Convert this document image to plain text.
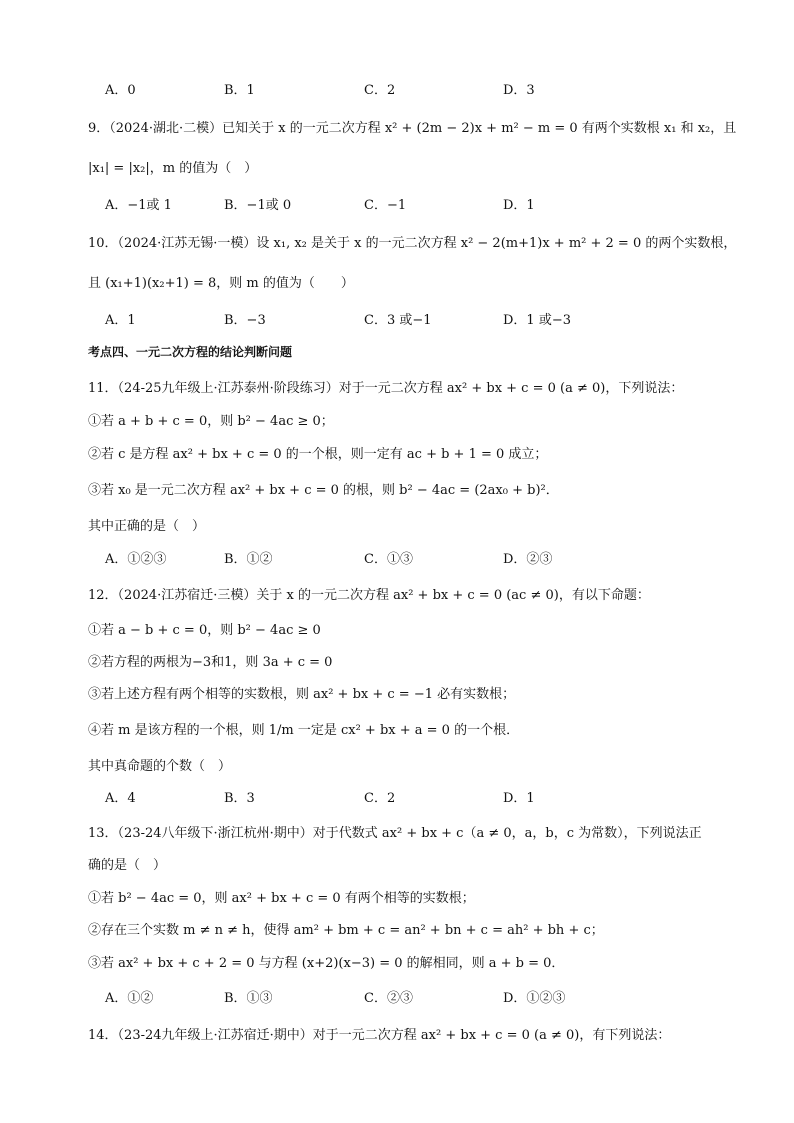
A．0	B．1	C．2	D．3
9．（2024·湖北·二模）已知关于 x 的一元二次方程 x² + (2m − 2)x + m² − m = 0 有两个实数根 x₁ 和 x₂，且
|x₁| = |x₂|，m 的值为（　）
A．−1或 1	B．−1或 0	C．−1	D．1
10．（2024·江苏无锡·一模）设 x₁, x₂ 是关于 x 的一元二次方程 x² − 2(m+1)x + m² + 2 = 0 的两个实数根，
且 (x₁+1)(x₂+1) = 8，则 m 的值为（　　）
A．1	B．−3	C．3 或−1	D．1 或−3
考点四、一元二次方程的结论判断问题
11．（24-25九年级上·江苏泰州·阶段练习）对于一元二次方程 ax² + bx + c = 0 (a ≠ 0)，下列说法：
①若 a + b + c = 0，则 b² − 4ac ≥ 0；
②若 c 是方程 ax² + bx + c = 0 的一个根，则一定有 ac + b + 1 = 0 成立；
③若 x₀ 是一元二次方程 ax² + bx + c = 0 的根，则 b² − 4ac = (2ax₀ + b)²．
其中正确的是（　）
A．①②③	B．①②	C．①③	D．②③
12．（2024·江苏宿迁·三模）关于 x 的一元二次方程 ax² + bx + c = 0 (ac ≠ 0)，有以下命题：
①若 a − b + c = 0，则 b² − 4ac ≥ 0
②若方程的两根为−3和1，则 3a + c = 0
③若上述方程有两个相等的实数根，则 ax² + bx + c = −1 必有实数根；
④若 m 是该方程的一个根，则 1/m 一定是 cx² + bx + a = 0 的一个根．
其中真命题的个数（　）
A．4	B．3	C．2	D．1
13．（23-24八年级下·浙江杭州·期中）对于代数式 ax² + bx + c（a ≠ 0，a，b，c 为常数），下列说法正
确的是（　）
①若 b² − 4ac = 0，则 ax² + bx + c = 0 有两个相等的实数根；
②存在三个实数 m ≠ n ≠ h，使得 am² + bm + c = an² + bn + c = ah² + bh + c；
③若 ax² + bx + c + 2 = 0 与方程 (x+2)(x−3) = 0 的解相同，则 a + b = 0．
A．①②	B．①③	C．②③	D．①②③
14．（23-24九年级上·江苏宿迁·期中）对于一元二次方程 ax² + bx + c = 0 (a ≠ 0)，有下列说法：
